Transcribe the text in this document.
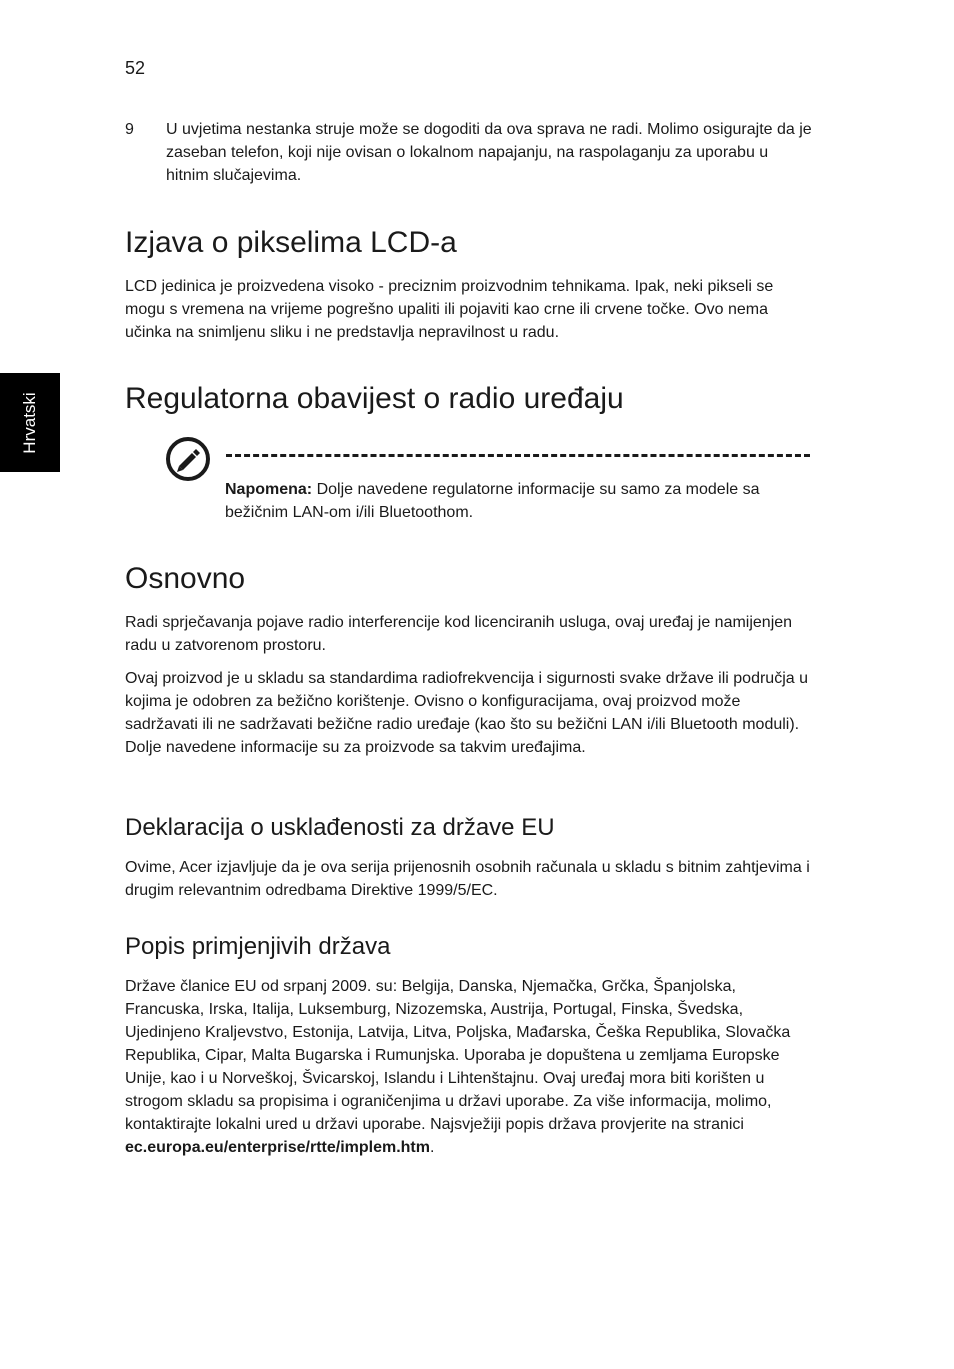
52
Hrvatski
9 U uvjetima nestanka struje može se dogoditi da ova sprava ne radi. Molimo osigurajte da je zaseban telefon, koji nije ovisan o lokalnom napajanju, na raspolaganju za uporabu u hitnim slučajevima.
Izjava o pikselima LCD-a

LCD jedinica je proizvedena visoko - preciznim proizvodnim tehnikama. Ipak, neki pikseli se mogu s vremena na vrijeme pogrešno upaliti ili pojaviti kao crne ili crvene točke. Ovo nema učinka na snimljenu sliku i ne predstavlja nepravilnost u radu.

Regulatorna obavijest o radio uređaju
Napomena: Dolje navedene regulatorne informacije su samo za modele sa bežičnim LAN-om i/ili Bluetoothom.
Osnovno

Radi sprječavanja pojave radio interferencije kod licenciranih usluga, ovaj uređaj je namijenjen radu u zatvorenom prostoru.

Ovaj proizvod je u skladu sa standardima radiofrekvencija i sigurnosti svake države ili područja u kojima je odobren za bežično korištenje. Ovisno o konfiguracijama, ovaj proizvod može sadržavati ili ne sadržavati bežične radio uređaje (kao što su bežični LAN i/ili Bluetooth moduli). Dolje navedene informacije su za proizvode sa takvim uređajima.

Deklaracija o usklađenosti za države EU

Ovime, Acer izjavljuje da je ova serija prijenosnih osobnih računala u skladu s bitnim zahtjevima i drugim relevantnim odredbama Direktive 1999/5/EC.

Popis primjenjivih država

Države članice EU od srpanj 2009. su: Belgija, Danska, Njemačka, Grčka, Španjolska, Francuska, Irska, Italija, Luksemburg, Nizozemska, Austrija, Portugal, Finska, Švedska, Ujedinjeno Kraljevstvo, Estonija, Latvija, Litva, Poljska, Mađarska, Češka Republika, Slovačka Republika, Cipar, Malta Bugarska i Rumunjska. Uporaba je dopuštena u zemljama Europske Unije, kao i u Norveškoj, Švicarskoj, Islandu i Lihtenštajnu. Ovaj uređaj mora biti korišten u strogom skladu sa propisima i ograničenjima u državi uporabe. Za više informacija, molimo, kontaktirajte lokalni ured u državi uporabe. Najsvježiji popis država provjerite na stranici ec.europa.eu/enterprise/rtte/implem.htm.
